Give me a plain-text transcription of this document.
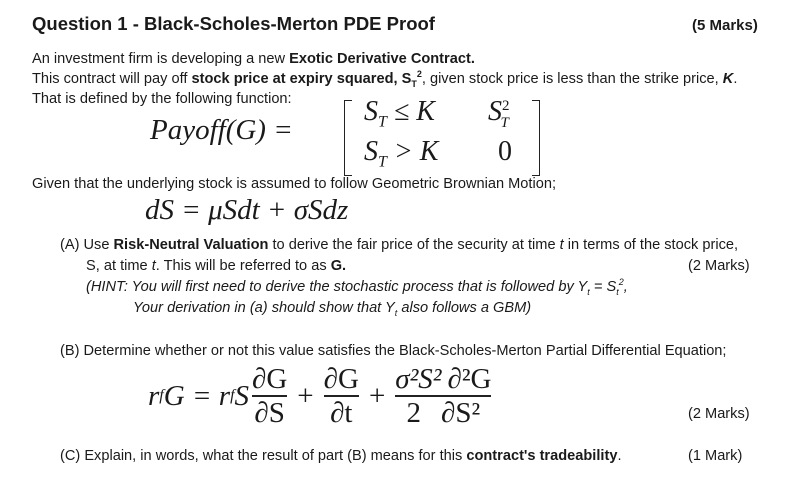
Question 1 - Black-Scholes-Merton PDE Proof	(5 Marks)
An investment firm is developing a new Exotic Derivative Contract.
This contract will pay off stock price at expiry squared, $S_T^2$, given stock price is less than the strike price, K.
That is defined by the following function:
Payoff(G) =
$S_T \le K$ $S^2_T$
$S_T > K$ 0
Given that the underlying stock is assumed to follow Geometric Brownian Motion;
dS = μSdt + σSdz
(A) Use Risk-Neutral Valuation to derive the fair price of the security at time t in terms of the stock price,
S, at time t. This will be referred to as G.	(2 Marks)
(HINT: You will first need to derive the stochastic process that is followed by $Y_t = S_t^2$,
Your derivation in (a) should show that $Y_t$ also follows a GBM)
(B) Determine whether or not this value satisfies the Black-Scholes-Merton Partial Differential Equation;
r f G = r f S $\frac{\partial G}{\partial S} + \frac{\partial G}{\partial t} + \frac{\text{σ²S² ∂²G}}{\text{2 ∂S²}}$	(2 Marks)
(C) Explain, in words, what the result of part (B) means for this contract's tradeability.	(1 Mark)
